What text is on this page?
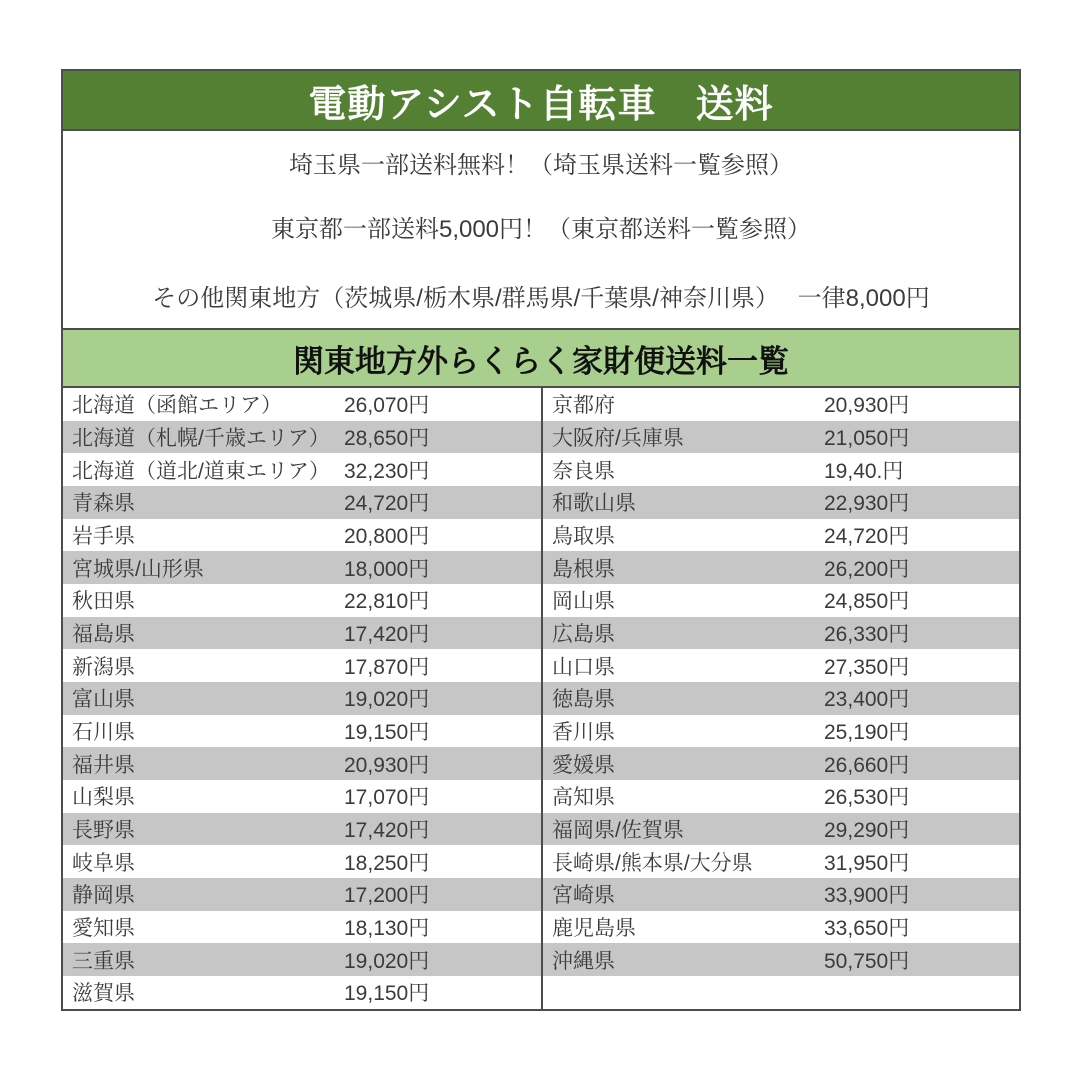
電動アシスト自転車　送料
埼玉県一部送料無料！（埼玉県送料一覧参照）
東京都一部送料5,000円！（東京都送料一覧参照）
その他関東地方（茨城県/栃木県/群馬県/千葉県/神奈川県）　 一律8,000円
関東地方外らくらく家財便送料一覧
北海道（函館エリア）	26,070円
北海道（札幌/千歳エリア） 28,650円
北海道（道北/道東エリア） 32,230円
青森県	24,720円
岩手県	20,800円
宮城県/山形県	18,000円
秋田県	22,810円
福島県	17,420円
新潟県	17,870円
富山県	19,020円
石川県	19,150円
福井県	20,930円
山梨県	17,070円
長野県	17,420円
岐阜県	18,250円
静岡県	17,200円
愛知県	18,130円
三重県	19,020円
滋賀県	19,150円
京都府	20,930円
大阪府/兵庫県	21,050円
奈良県	19,40.円
和歌山県	22,930円
鳥取県	24,720円
島根県	26,200円
岡山県	24,850円
広島県	26,330円
山口県	27,350円
徳島県	23,400円
香川県	25,190円
愛媛県	26,660円
高知県	26,530円
福岡県/佐賀県	29,290円
長崎県/熊本県/大分県	31,950円
宮崎県	33,900円
鹿児島県	33,650円
沖縄県	50,750円
